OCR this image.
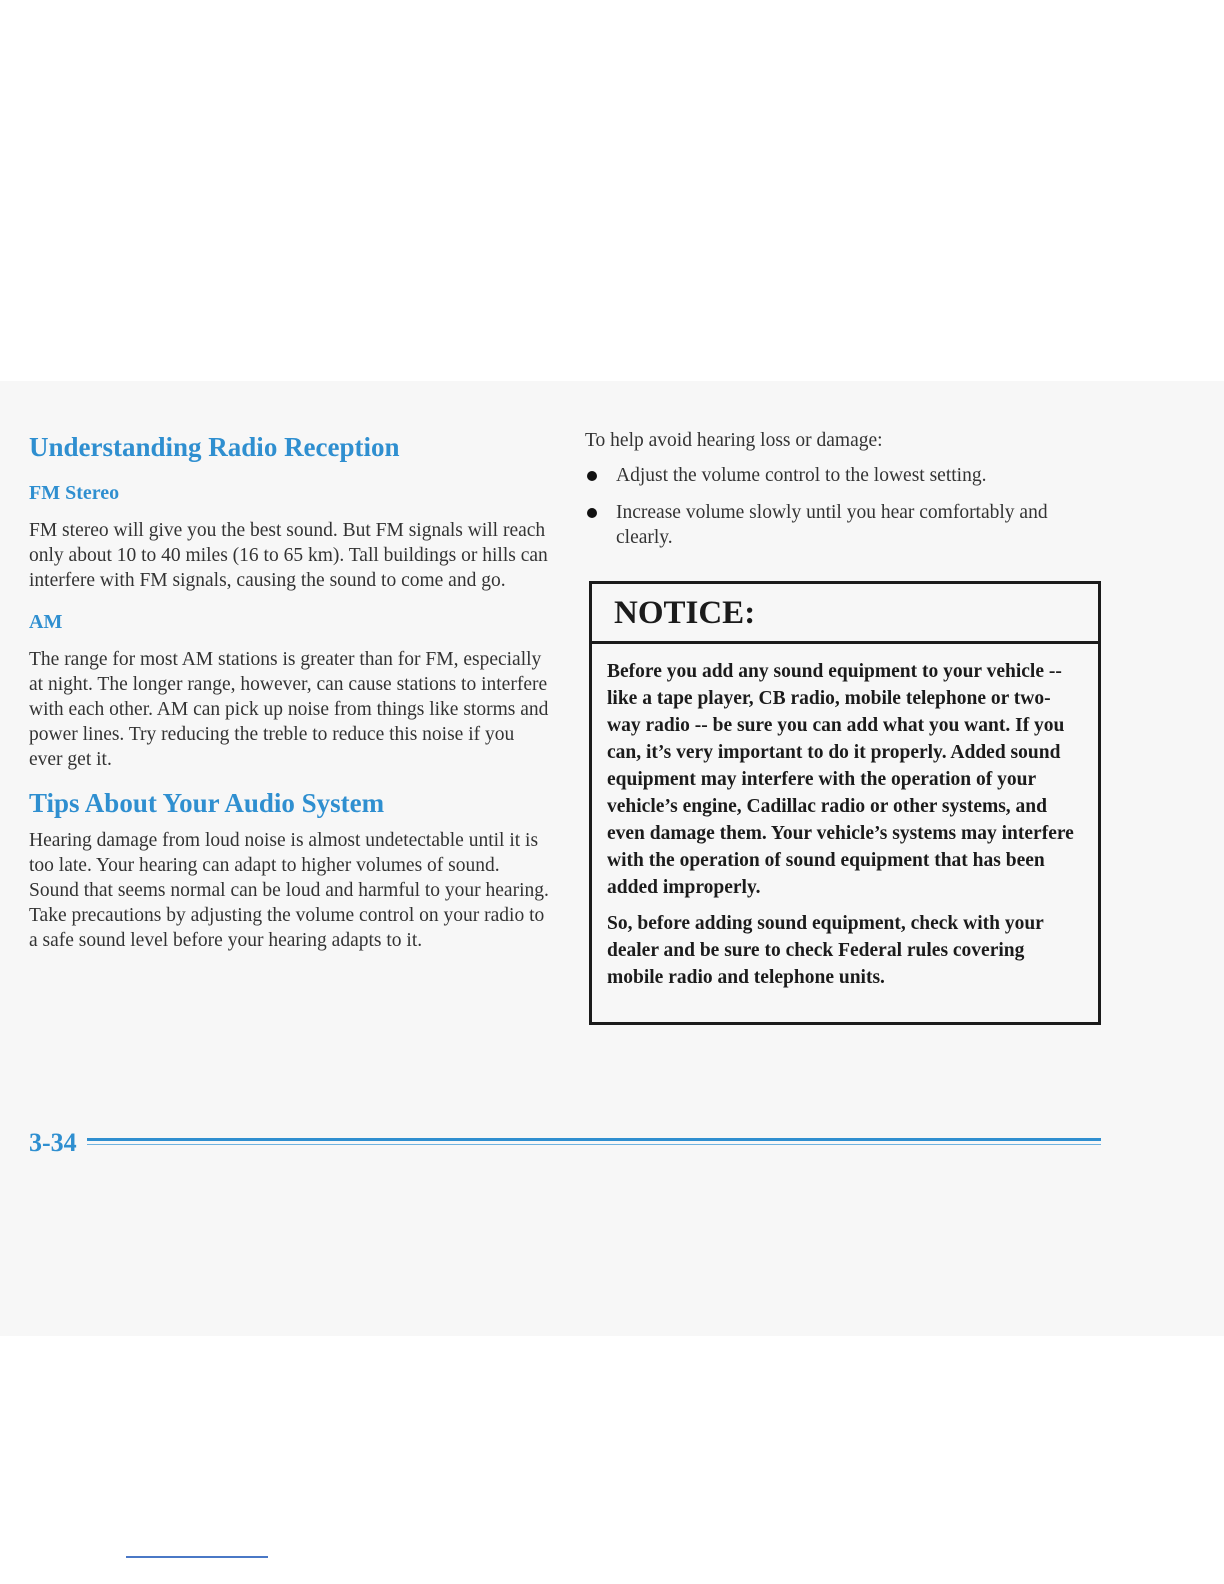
Understanding Radio Reception
FM Stereo

FM stereo will give you the best sound. But FM signals will reach only about 10 to 40 miles (16 to 65 km). Tall buildings or hills can interfere with FM signals, causing the sound to come and go.

AM

The range for most AM stations is greater than for FM, especially at night. The longer range, however, can cause stations to interfere with each other. AM can pick up noise from things like storms and power lines. Try reducing the treble to reduce this noise if you ever get it.

Tips About Your Audio System

Hearing damage from loud noise is almost undetectable until it is too late. Your hearing can adapt to higher volumes of sound. Sound that seems normal can be loud and harmful to your hearing. Take precautions by adjusting the volume control on your radio to a safe sound level before your hearing adapts to it.

To help avoid hearing loss or damage:

Adjust the volume control to the lowest setting.
Increase volume slowly until you hear comfortably and clearly.
NOTICE:

Before you add any sound equipment to your vehicle -- like a tape player, CB radio, mobile telephone or two-way radio -- be sure you can add what you want. If you can, it’s very important to do it properly. Added sound equipment may interfere with the operation of your vehicle’s engine, Cadillac radio or other systems, and even damage them. Your vehicle’s systems may interfere with the operation of sound equipment that has been added improperly.

So, before adding sound equipment, check with your dealer and be sure to check Federal rules covering mobile radio and telephone units.

3-34
